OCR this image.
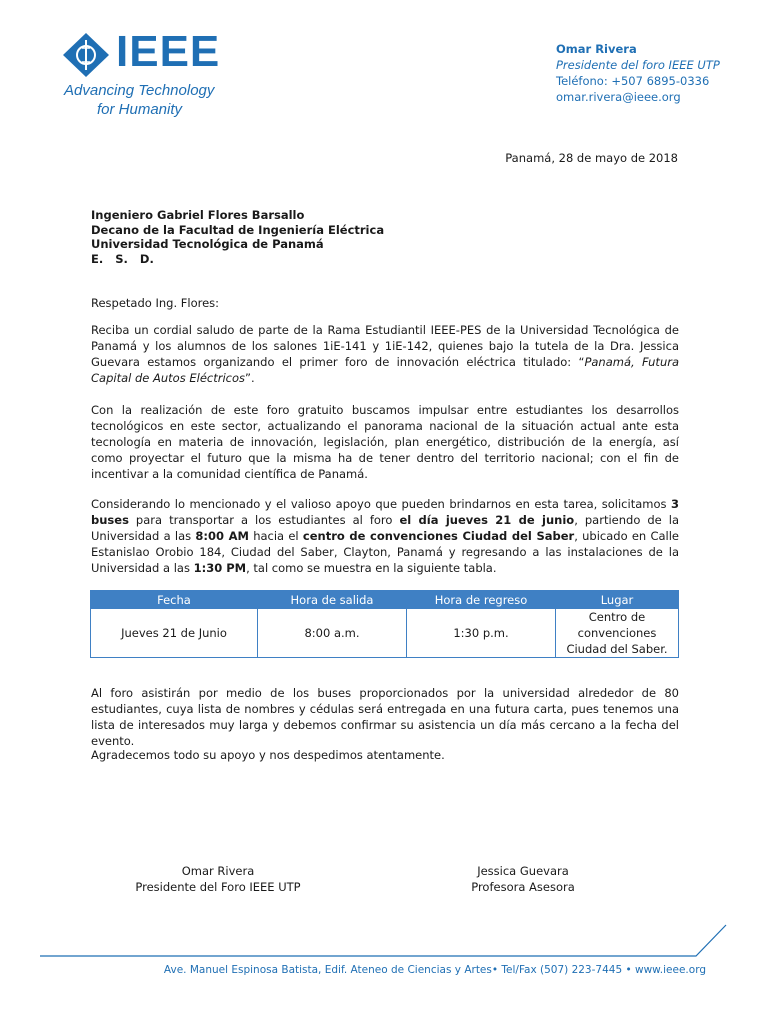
IEEE
Advancing Technology
for Humanity
Omar Rivera
Presidente del foro IEEE UTP
Teléfono: +507 6895-0336
omar.rivera@ieee.org
Panamá, 28 de mayo de 2018
Ingeniero Gabriel Flores Barsallo
Decano de la Facultad de Ingeniería Eléctrica
Universidad Tecnológica de Panamá
E.   S.   D.
Respetado Ing. Flores:
Reciba un cordial saludo de parte de la Rama Estudiantil IEEE-PES de la Universidad Tecnológica de Panamá y los alumnos de los salones 1iE-141 y 1iE-142, quienes bajo la tutela de la Dra. Jessica Guevara estamos organizando el primer foro de innovación eléctrica titulado: “Panamá, Futura Capital de Autos Eléctricos”.
Con la realización de este foro gratuito buscamos impulsar entre estudiantes los desarrollos tecnológicos en este sector, actualizando el panorama nacional de la situación actual ante esta tecnología en materia de innovación, legislación, plan energético, distribución de la energía, así como proyectar el futuro que la misma ha de tener dentro del territorio nacional; con el fin de incentivar a la comunidad científica de Panamá.
Considerando lo mencionado y el valioso apoyo que pueden brindarnos en esta tarea, solicitamos 3 buses para transportar a los estudiantes al foro el día jueves 21 de junio, partiendo de la Universidad a las 8:00 AM hacia el centro de convenciones Ciudad del Saber, ubicado en Calle Estanislao Orobio 184, Ciudad del Saber, Clayton, Panamá y regresando a las instalaciones de la Universidad a las 1:30 PM, tal como se muestra en la siguiente tabla.
Fecha	Hora de salida	Hora de regreso	Lugar
Jueves 21 de Junio	8:00 a.m.	1:30 p.m.	Centro de convenciones Ciudad del Saber.
Al foro asistirán por medio de los buses proporcionados por la universidad alrededor de 80 estudiantes, cuya lista de nombres y cédulas será entregada en una futura carta, pues tenemos una lista de interesados muy larga y debemos confirmar su asistencia un día más cercano a la fecha del evento.
Agradecemos todo su apoyo y nos despedimos atentamente.
Omar Rivera
Presidente del Foro IEEE UTP
Jessica Guevara
Profesora Asesora
Ave. Manuel Espinosa Batista, Edif. Ateneo de Ciencias y Artes• Tel/Fax (507) 223-7445 • www.ieee.org
